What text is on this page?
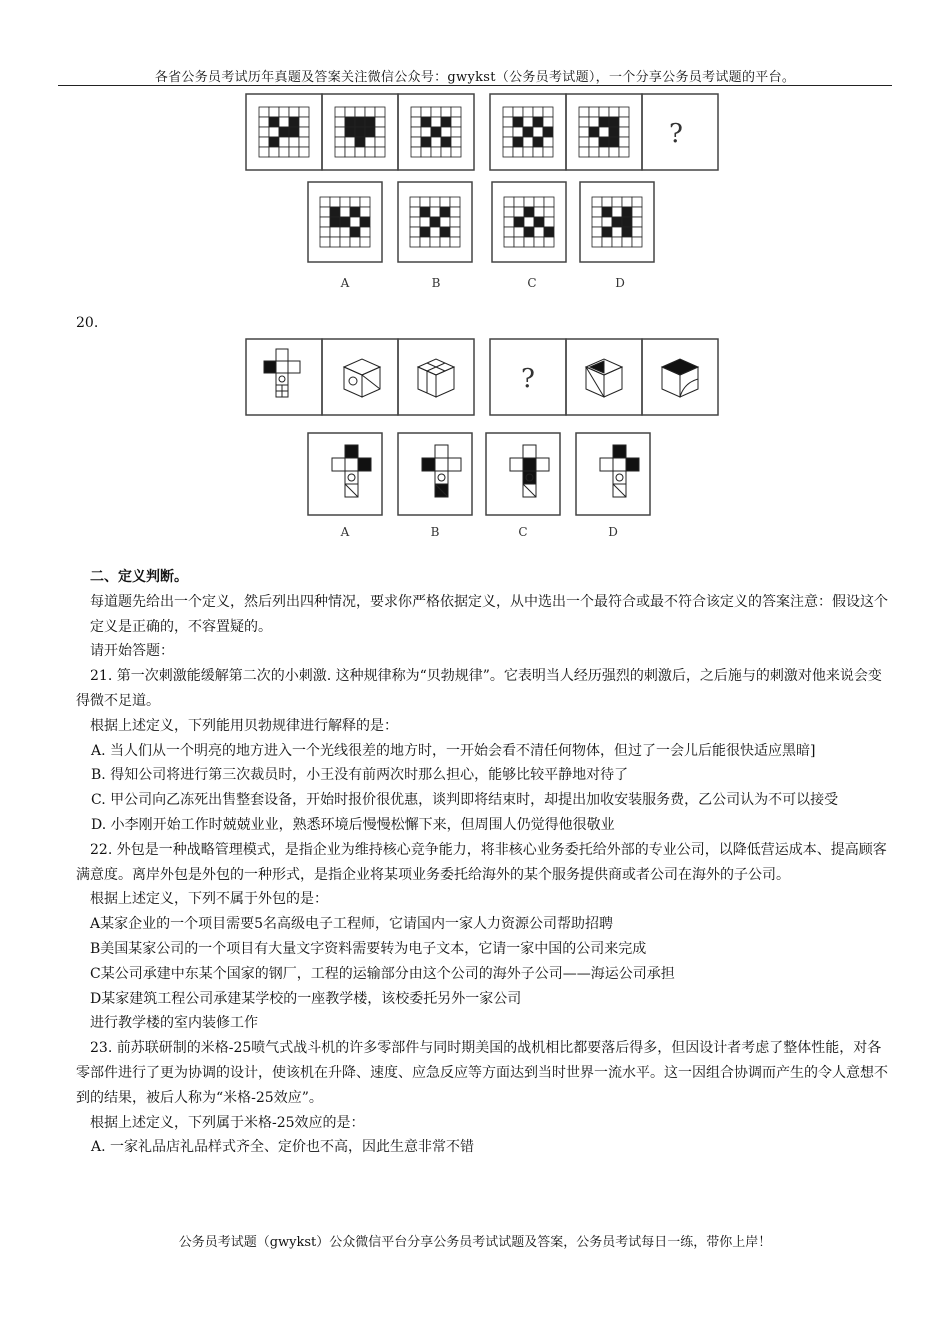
各省公务员考试历年真题及答案关注微信公众号：gwykst（公务员考试题），一个分享公务员考试题的平台。
?
A	B	C	D
20.
?
A	B	C	D

二、定义判断。

每道题先给出一个定义，然后列出四种情况，要求你严格依据定义，从中选出一个最符合或最不符合该定义的答案注意：假设这个定义是正确的，不容置疑的。

请开始答题：

21. 第一次刺激能缓解第二次的小刺激. 这种规律称为“贝勃规律”。它表明当人经历强烈的刺激后，之后施与的刺激对他来说会变得微不足道。

根据上述定义，下列能用贝勃规律进行解释的是：

A. 当人们从一个明亮的地方进入一个光线很差的地方时，一开始会看不清任何物体，但过了一会儿后能很快适应黑暗]

B. 得知公司将进行第三次裁员时，小王没有前两次时那么担心，能够比较平静地对待了

C. 甲公司向乙冻死出售整套设备，开始时报价很优惠，谈判即将结束时，却提出加收安装服务费，乙公司认为不可以接受

D. 小李刚开始工作时兢兢业业，熟悉环境后慢慢松懈下来，但周围人仍觉得他很敬业

22. 外包是一种战略管理模式，是指企业为维持核心竞争能力，将非核心业务委托给外部的专业公司，以降低营运成本、提高顾客满意度。离岸外包是外包的一种形式，是指企业将某项业务委托给海外的某个服务提供商或者公司在海外的子公司。

根据上述定义，下列不属于外包的是：

A某家企业的一个项目需要5名高级电子工程师，它请国内一家人力资源公司帮助招聘

B美国某家公司的一个项目有大量文字资料需要转为电子文本，它请一家中国的公司来完成

C某公司承建中东某个国家的钢厂，工程的运输部分由这个公司的海外子公司——海运公司承担

D某家建筑工程公司承建某学校的一座教学楼，该校委托另外一家公司

进行教学楼的室内装修工作

23. 前苏联研制的米格-25喷气式战斗机的许多零部件与同时期美国的战机相比都要落后得多，但因设计者考虑了整体性能，对各零部件进行了更为协调的设计，使该机在升降、速度、应急反应等方面达到当时世界一流水平。这一因组合协调而产生的令人意想不到的结果，被后人称为“米格-25效应”。

根据上述定义，下列属于米格-25效应的是：

A. 一家礼品店礼品样式齐全、定价也不高，因此生意非常不错

公务员考试题（gwykst）公众微信平台分享公务员考试试题及答案，公务员考试每日一练，带你上岸！
